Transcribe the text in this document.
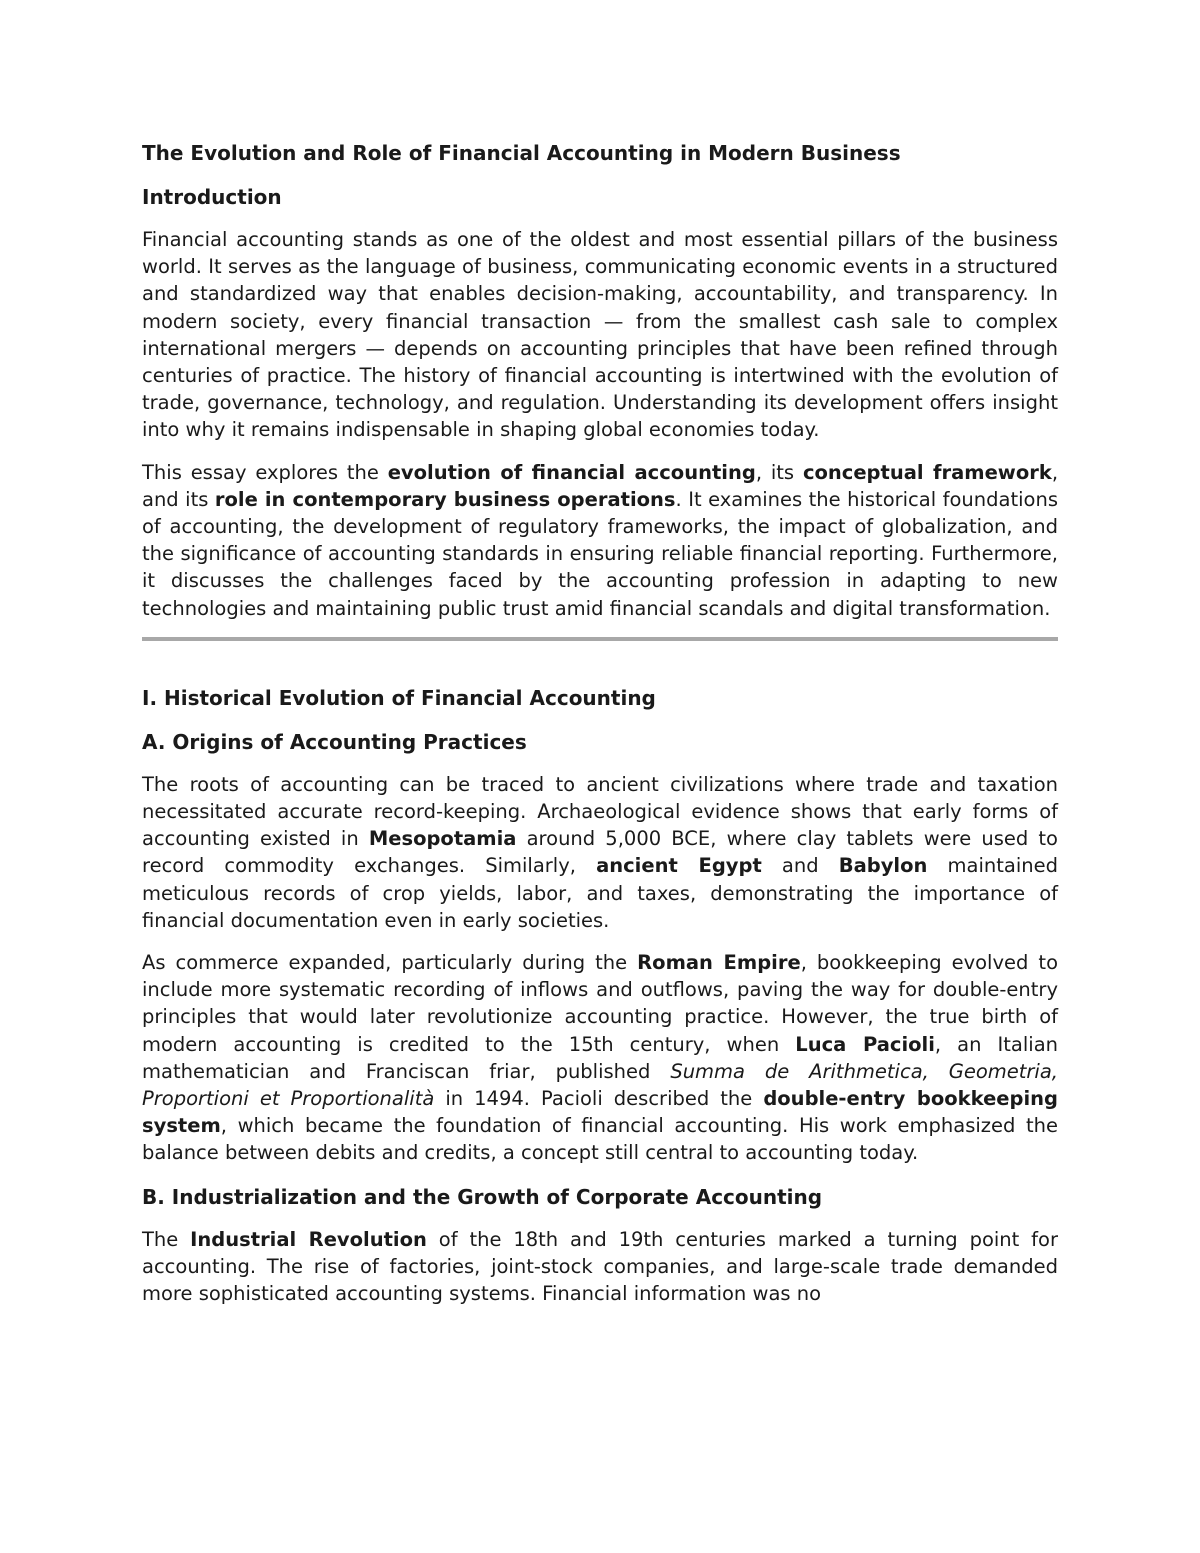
The Evolution and Role of Financial Accounting in Modern Business
Introduction

Financial accounting stands as one of the oldest and most essential pillars of the business world. It serves as the language of business, communicating economic events in a structured and standardized way that enables decision-making, accountability, and transparency. In modern society, every financial transaction — from the smallest cash sale to complex international mergers — depends on accounting principles that have been refined through centuries of practice. The history of financial accounting is intertwined with the evolution of trade, governance, technology, and regulation. Understanding its development offers insight into why it remains indispensable in shaping global economies today.

This essay explores the evolution of financial accounting, its conceptual framework, and its role in contemporary business operations. It examines the historical foundations of accounting, the development of regulatory frameworks, the impact of globalization, and the significance of accounting standards in ensuring reliable financial reporting. Furthermore, it discusses the challenges faced by the accounting profession in adapting to new technologies and maintaining public trust amid financial scandals and digital transformation.

I. Historical Evolution of Financial Accounting
A. Origins of Accounting Practices

The roots of accounting can be traced to ancient civilizations where trade and taxation necessitated accurate record-keeping. Archaeological evidence shows that early forms of accounting existed in Mesopotamia around 5,000 BCE, where clay tablets were used to record commodity exchanges. Similarly, ancient Egypt and Babylon maintained meticulous records of crop yields, labor, and taxes, demonstrating the importance of financial documentation even in early societies.

As commerce expanded, particularly during the Roman Empire, bookkeeping evolved to include more systematic recording of inflows and outflows, paving the way for double-entry principles that would later revolutionize accounting practice. However, the true birth of modern accounting is credited to the 15th century, when Luca Pacioli, an Italian mathematician and Franciscan friar, published Summa de Arithmetica, Geometria, Proportioni et Proportionalità in 1494. Pacioli described the double-entry bookkeeping system, which became the foundation of financial accounting. His work emphasized the balance between debits and credits, a concept still central to accounting today.

B. Industrialization and the Growth of Corporate Accounting

The Industrial Revolution of the 18th and 19th centuries marked a turning point for accounting. The rise of factories, joint-stock companies, and large-scale trade demanded more sophisticated accounting systems. Financial information was no
